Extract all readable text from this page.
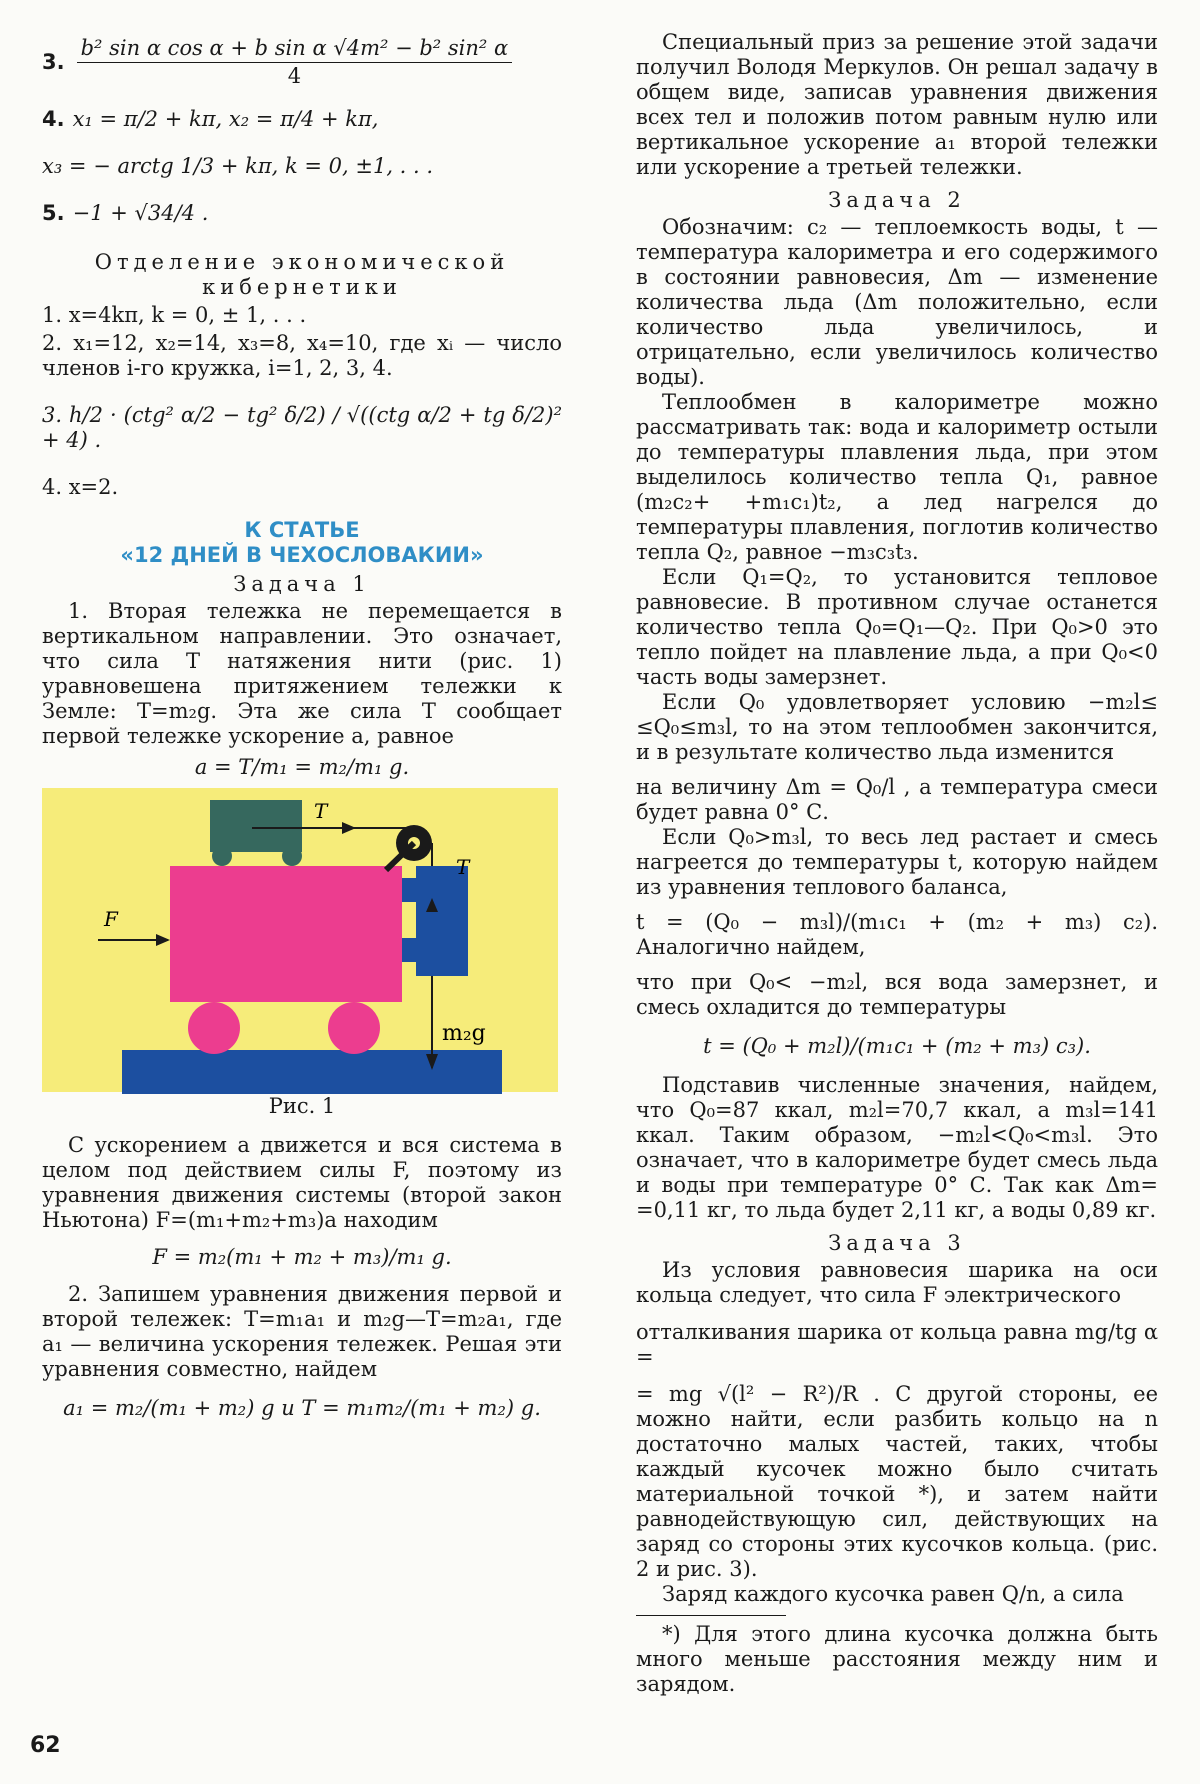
3. $\frac{\text{b² sin α cos α + b sin α √4m² − b² sin² α}}{4}$
4. x₁ = π/2 + kπ, x₂ = π/4 + kπ,
x₃ = − arctg 1/3 + kπ, k = 0, ±1, . . .
5. −1 + √34/4 .
Отделение экономической кибернетики

1. x=4kπ, k = 0, ± 1, . . .

2. x₁=12, x₂=14, x₃=8, x₄=10, где xᵢ — число членов i-го кружка, i=1, 2, 3, 4.

3. h/2 · (ctg² α/2 − tg² δ/2) / √((ctg α/2 + tg δ/2)² + 4) .

4. x=2.

К СТАТЬЕ
«12 ДНЕЙ В ЧЕХОСЛОВАКИИ»
Задача 1

1. Вторая тележка не перемещается в вертикальном направлении. Это означает, что сила T натяжения нити (рис. 1) уравновешена притяжением тележки к Земле: T=m₂g. Эта же сила T сообщает первой тележке ускорение a, равное

a = T/m₁ = m₂/m₁ g.
T
T
F
m₂g
Рис. 1

С ускорением a движется и вся система в целом под действием силы F, поэтому из уравнения движения системы (второй закон Ньютона) F=(m₁+m₂+m₃)a находим

F = m₂(m₁ + m₂ + m₃)/m₁ g.

2. Запишем уравнения движения первой и второй тележек: T=m₁a₁ и m₂g—T=m₂a₁, где a₁ — величина ускорения тележек. Решая эти уравнения совместно, найдем

a₁ = m₂/(m₁ + m₂) g и T = m₁m₂/(m₁ + m₂) g.

Специальный приз за решение этой задачи получил Володя Меркулов. Он решал задачу в общем виде, записав уравнения движения всех тел и положив потом равным нулю или вертикальное ускорение a₁ второй тележки или ускорение a третьей тележки.

Задача 2

Обозначим: c₂ — теплоемкость воды, t — температура калориметра и его содержимого в состоянии равновесия, Δm — изменение количества льда (Δm положительно, если количество льда увеличилось, и отрицательно, если увеличилось количество воды).

Теплообмен в калориметре можно рассматривать так: вода и калориметр остыли до температуры плавления льда, при этом выделилось количество тепла Q₁, равное (m₂c₂+ +m₁c₁)t₂, а лед нагрелся до температуры плавления, поглотив количество тепла Q₂, равное −m₃c₃t₃.

Если Q₁=Q₂, то установится тепловое равновесие. В противном случае останется количество тепла Q₀=Q₁—Q₂. При Q₀>0 это тепло пойдет на плавление льда, а при Q₀<0 часть воды замерзнет.

Если Q₀ удовлетворяет условию −m₂l≤ ≤Q₀≤m₃l, то на этом теплообмен закончится, и в результате количество льда изменится

на величину Δm = Q₀/l , а температура смеси будет равна 0° С.

Если Q₀>m₃l, то весь лед растает и смесь нагреется до температуры t, которую найдем из уравнения теплового баланса,

t = (Q₀ − m₃l)/(m₁c₁ + (m₂ + m₃) c₂). Аналогично найдем,

что при Q₀< −m₂l, вся вода замерзнет, и смесь охладится до температуры

t = (Q₀ + m₂l)/(m₁c₁ + (m₂ + m₃) c₃).

Подставив численные значения, найдем, что Q₀=87 ккал, m₂l=70,7 ккал, а m₃l=141 ккал. Таким образом, −m₂l<Q₀<m₃l. Это означает, что в калориметре будет смесь льда и воды при температуре 0° С. Так как Δm= =0,11 кг, то льда будет 2,11 кг, а воды 0,89 кг.

Задача 3

Из условия равновесия шарика на оси кольца следует, что сила F электрического

отталкивания шарика от кольца равна mg/tg α =

= mg √(l² − R²)/R . С другой стороны, ее можно найти, если разбить кольцо на n достаточно малых частей, таких, чтобы каждый кусочек можно было считать материальной точкой *), и затем найти равнодействующую сил, действующих на заряд со стороны этих кусочков кольца. (рис. 2 и рис. 3).

Заряд каждого кусочка равен Q/n, а сила

*) Для этого длина кусочка должна быть много меньше расстояния между ним и зарядом.

62
